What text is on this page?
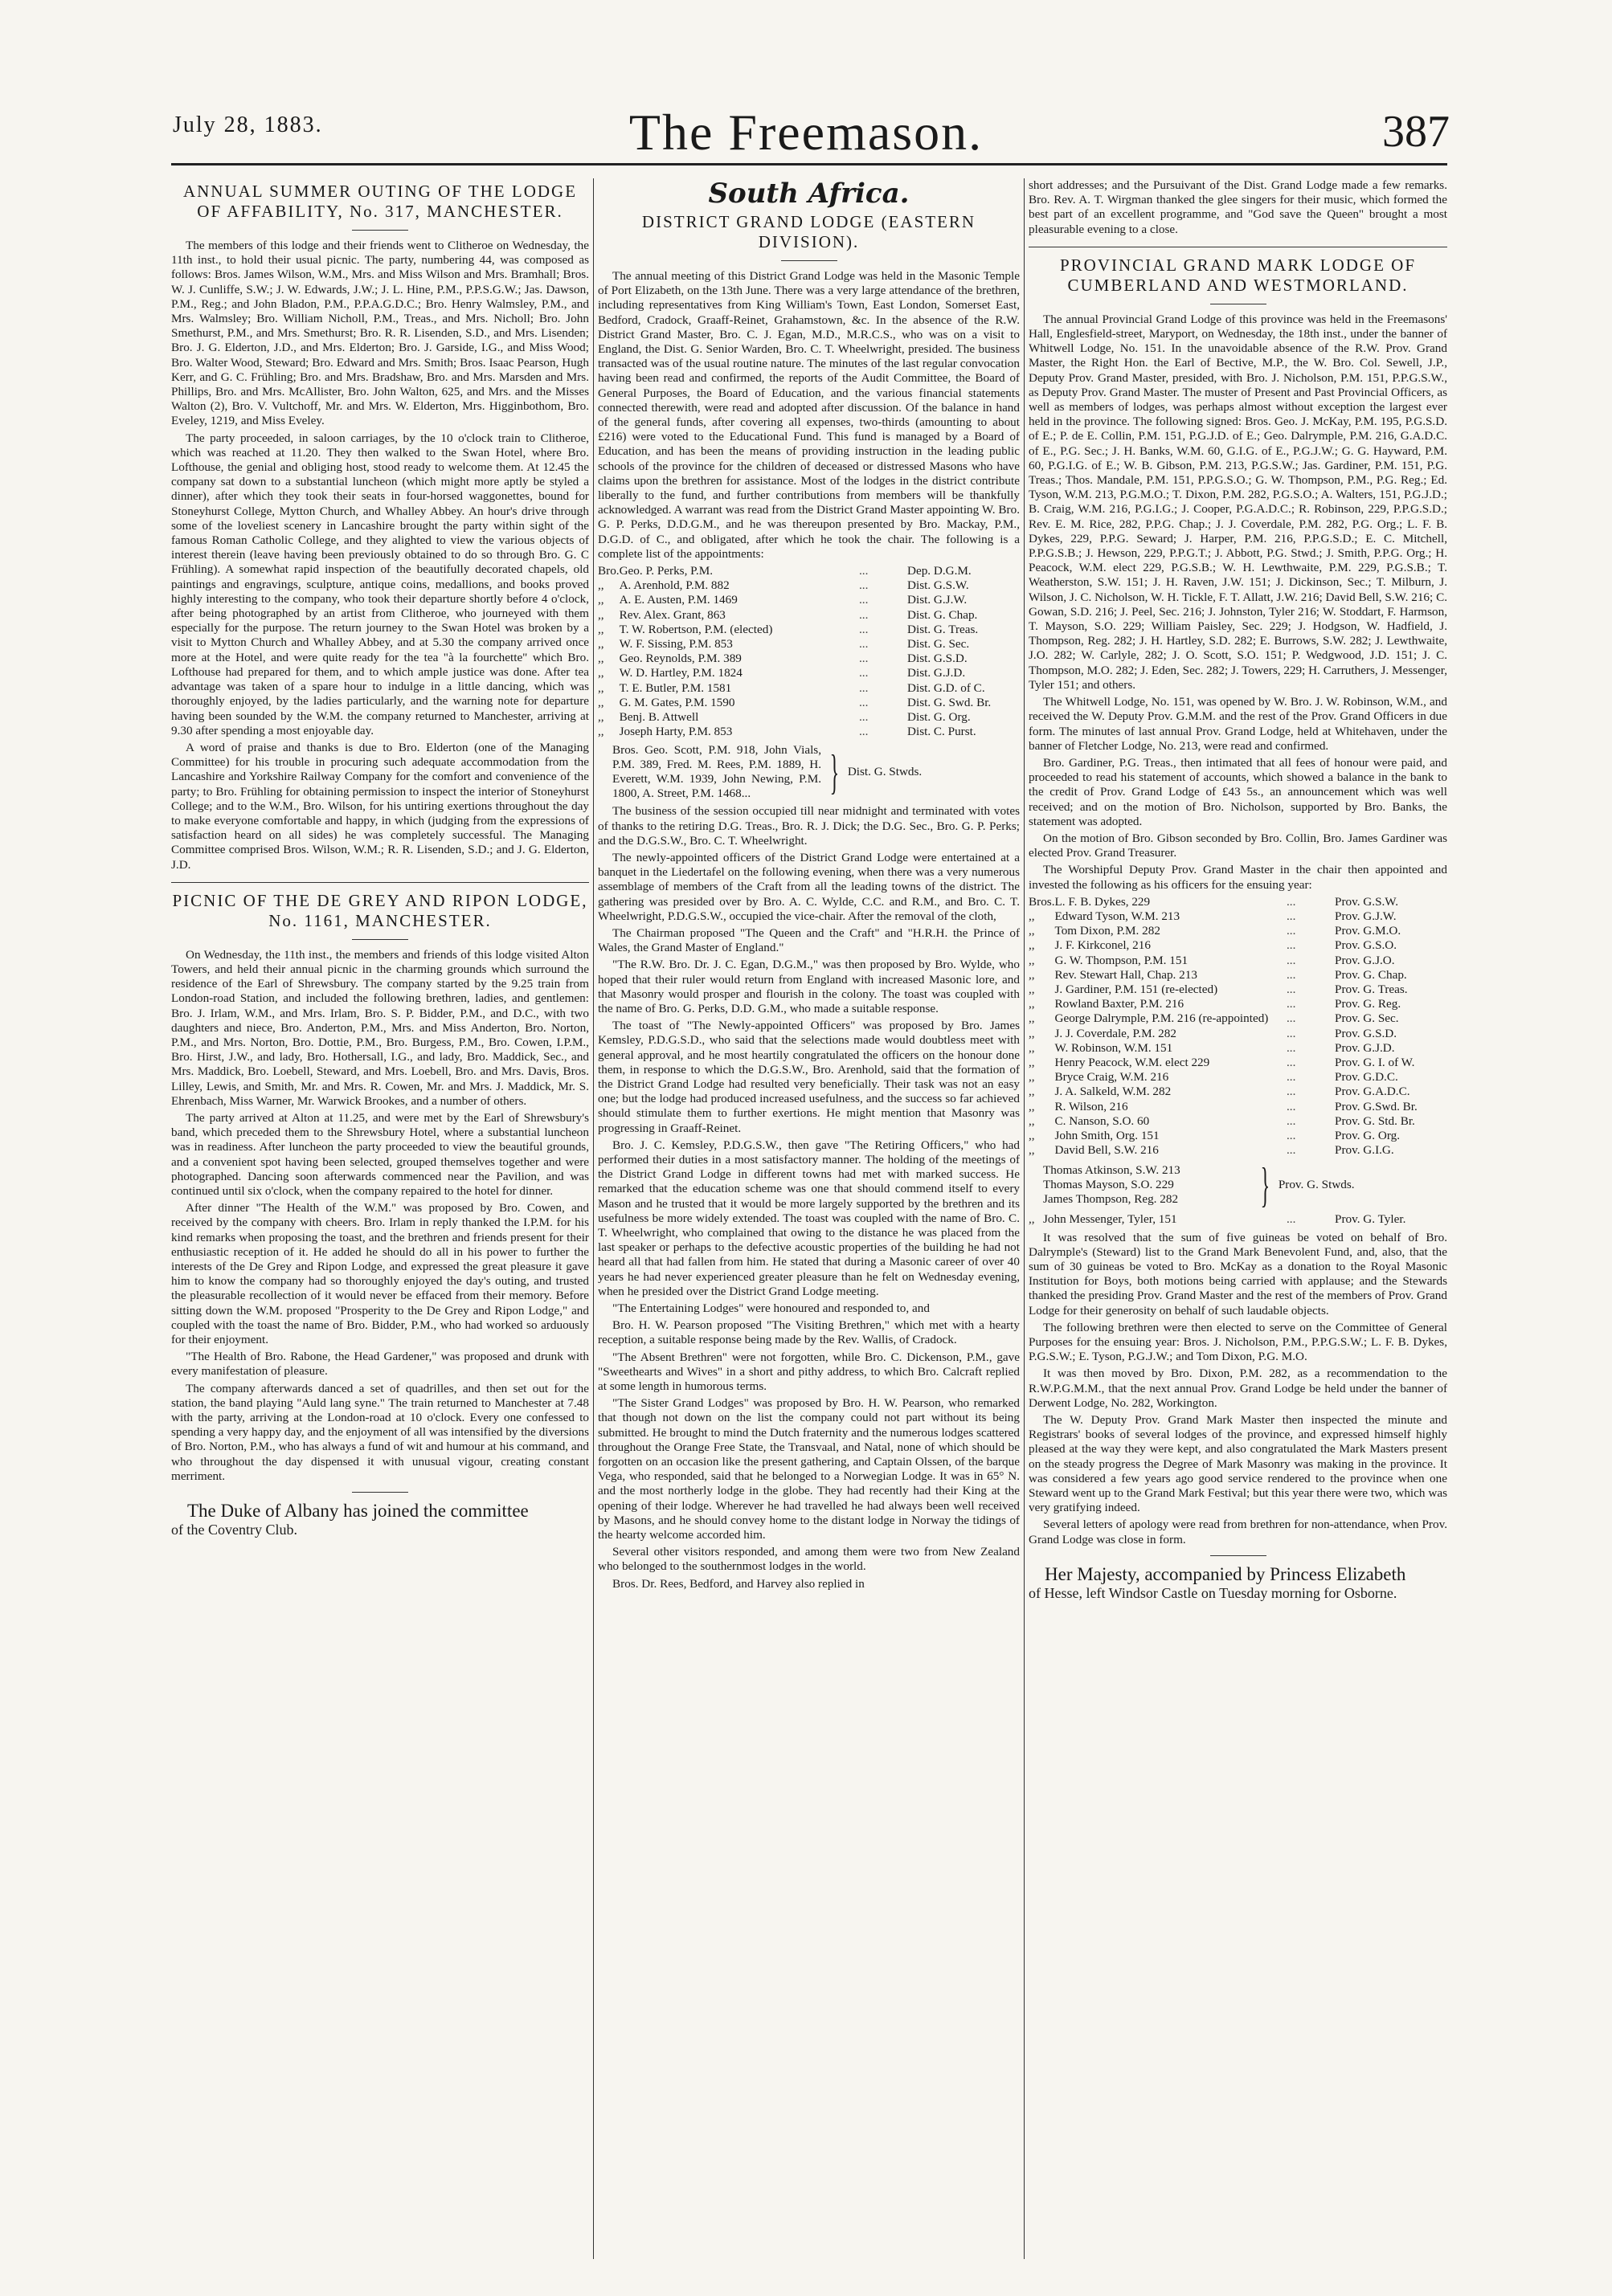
July 28, 1883.	The Freemason.	387
ANNUAL SUMMER OUTING OF THE LODGE OF AFFABILITY, No. 317, MANCHESTER.

The members of this lodge and their friends went to Clitheroe on Wednesday, the 11th inst., to hold their usual picnic. The party, numbering 44, was composed as follows: Bros. James Wilson, W.M., Mrs. and Miss Wilson and Mrs. Bramhall; Bros. W. J. Cunliffe, S.W.; J. W. Edwards, J.W.; J. L. Hine, P.M., P.P.S.G.W.; Jas. Dawson, P.M., Reg.; and John Bladon, P.M., P.P.A.G.D.C.; Bro. Henry Walmsley, P.M., and Mrs. Walmsley; Bro. William Nicholl, P.M., Treas., and Mrs. Nicholl; Bro. John Smethurst, P.M., and Mrs. Smethurst; Bro. R. R. Lisenden, S.D., and Mrs. Lisenden; Bro. J. G. Elderton, J.D., and Mrs. Elderton; Bro. J. Garside, I.G., and Miss Wood; Bro. Walter Wood, Steward; Bro. Edward and Mrs. Smith; Bros. Isaac Pearson, Hugh Kerr, and G. C. Frühling; Bro. and Mrs. Bradshaw, Bro. and Mrs. Marsden and Mrs. Phillips, Bro. and Mrs. McAllister, Bro. John Walton, 625, and Mrs. and the Misses Walton (2), Bro. V. Vultchoff, Mr. and Mrs. W. Elderton, Mrs. Higginbothom, Bro. Eveley, 1219, and Miss Eveley.

The party proceeded, in saloon carriages, by the 10 o'clock train to Clitheroe, which was reached at 11.20. They then walked to the Swan Hotel, where Bro. Lofthouse, the genial and obliging host, stood ready to welcome them. At 12.45 the company sat down to a substantial luncheon (which might more aptly be styled a dinner), after which they took their seats in four-horsed waggonettes, bound for Stoneyhurst College, Mytton Church, and Whalley Abbey. An hour's drive through some of the loveliest scenery in Lancashire brought the party within sight of the famous Roman Catholic College, and they alighted to view the various objects of interest therein (leave having been previously obtained to do so through Bro. G. C Frühling). A somewhat rapid inspection of the beautifully decorated chapels, old paintings and engravings, sculpture, antique coins, medallions, and books proved highly interesting to the company, who took their departure shortly before 4 o'clock, after being photographed by an artist from Clitheroe, who journeyed with them especially for the purpose. The return journey to the Swan Hotel was broken by a visit to Mytton Church and Whalley Abbey, and at 5.30 the company arrived once more at the Hotel, and were quite ready for the tea "à la fourchette" which Bro. Lofthouse had prepared for them, and to which ample justice was done. After tea advantage was taken of a spare hour to indulge in a little dancing, which was thoroughly enjoyed, by the ladies particularly, and the warning note for departure having been sounded by the W.M. the company returned to Manchester, arriving at 9.30 after spending a most enjoyable day.

A word of praise and thanks is due to Bro. Elderton (one of the Managing Committee) for his trouble in procuring such adequate accommodation from the Lancashire and Yorkshire Railway Company for the comfort and convenience of the party; to Bro. Frühling for obtaining permission to inspect the interior of Stoneyhurst College; and to the W.M., Bro. Wilson, for his untiring exertions throughout the day to make everyone comfortable and happy, in which (judging from the expressions of satisfaction heard on all sides) he was completely successful. The Managing Committee comprised Bros. Wilson, W.M.; R. R. Lisenden, S.D.; and J. G. Elderton, J.D.

PICNIC OF THE DE GREY AND RIPON LODGE, No. 1161, MANCHESTER.

On Wednesday, the 11th inst., the members and friends of this lodge visited Alton Towers, and held their annual picnic in the charming grounds which surround the residence of the Earl of Shrewsbury. The company started by the 9.25 train from London-road Station, and included the following brethren, ladies, and gentlemen: Bro. J. Irlam, W.M., and Mrs. Irlam, Bro. S. P. Bidder, P.M., and D.C., with two daughters and niece, Bro. Anderton, P.M., Mrs. and Miss Anderton, Bro. Norton, P.M., and Mrs. Norton, Bro. Dottie, P.M., Bro. Burgess, P.M., Bro. Cowen, I.P.M., Bro. Hirst, J.W., and lady, Bro. Hothersall, I.G., and lady, Bro. Maddick, Sec., and Mrs. Maddick, Bro. Loebell, Steward, and Mrs. Loebell, Bro. and Mrs. Davis, Bros. Lilley, Lewis, and Smith, Mr. and Mrs. R. Cowen, Mr. and Mrs. J. Maddick, Mr. S. Ehrenbach, Miss Warner, Mr. Warwick Brookes, and a number of others.

The party arrived at Alton at 11.25, and were met by the Earl of Shrewsbury's band, which preceded them to the Shrewsbury Hotel, where a substantial luncheon was in readiness. After luncheon the party proceeded to view the beautiful grounds, and a convenient spot having been selected, grouped themselves together and were photographed. Dancing soon afterwards commenced near the Pavilion, and was continued until six o'clock, when the company repaired to the hotel for dinner.

After dinner "The Health of the W.M." was proposed by Bro. Cowen, and received by the company with cheers. Bro. Irlam in reply thanked the I.P.M. for his kind remarks when proposing the toast, and the brethren and friends present for their enthusiastic reception of it. He added he should do all in his power to further the interests of the De Grey and Ripon Lodge, and expressed the great pleasure it gave him to know the company had so thoroughly enjoyed the day's outing, and trusted the pleasurable recollection of it would never be effaced from their memory. Before sitting down the W.M. proposed "Prosperity to the De Grey and Ripon Lodge," and coupled with the toast the name of Bro. Bidder, P.M., who had worked so arduously for their enjoyment.

"The Health of Bro. Rabone, the Head Gardener," was proposed and drunk with every manifestation of pleasure.

The company afterwards danced a set of quadrilles, and then set out for the station, the band playing "Auld lang syne." The train returned to Manchester at 7.48 with the party, arriving at the London-road at 10 o'clock. Every one confessed to spending a very happy day, and the enjoyment of all was intensified by the diversions of Bro. Norton, P.M., who has always a fund of wit and humour at his command, and who throughout the day dispensed it with unusual vigour, creating constant merriment.

The Duke of Albany has joined the committee

of the Coventry Club.

South Africa.
DISTRICT GRAND LODGE (EASTERN DIVISION).

The annual meeting of this District Grand Lodge was held in the Masonic Temple of Port Elizabeth, on the 13th June. There was a very large attendance of the brethren, including representatives from King William's Town, East London, Somerset East, Bedford, Cradock, Graaff-Reinet, Grahamstown, &c. In the absence of the R.W. District Grand Master, Bro. C. J. Egan, M.D., M.R.C.S., who was on a visit to England, the Dist. G. Senior Warden, Bro. C. T. Wheelwright, presided. The business transacted was of the usual routine nature. The minutes of the last regular convocation having been read and confirmed, the reports of the Audit Committee, the Board of General Purposes, the Board of Education, and the various financial statements connected therewith, were read and adopted after discussion. Of the balance in hand of the general funds, after covering all expenses, two-thirds (amounting to about £216) were voted to the Educational Fund. This fund is managed by a Board of Education, and has been the means of providing instruction in the leading public schools of the province for the children of deceased or distressed Masons who have claims upon the brethren for assistance. Most of the lodges in the district contribute liberally to the fund, and further contributions from members will be thankfully acknowledged. A warrant was read from the District Grand Master appointing W. Bro. G. P. Perks, D.D.G.M., and he was thereupon presented by Bro. Mackay, P.M., D.G.D. of C., and obligated, after which he took the chair. The following is a complete list of the appointments:

Bro.	Geo. P. Perks, P.M.	...	Dep. D.G.M.
,,	A. Arenhold, P.M. 882	...	Dist. G.S.W.
,,	A. E. Austen, P.M. 1469	...	Dist. G.J.W.
,,	Rev. Alex. Grant, 863	...	Dist. G. Chap.
,,	T. W. Robertson, P.M. (elected)	...	Dist. G. Treas.
,,	W. F. Sissing, P.M. 853	...	Dist. G. Sec.
,,	Geo. Reynolds, P.M. 389	...	Dist. G.S.D.
,,	W. D. Hartley, P.M. 1824	...	Dist. G.J.D.
,,	T. E. Butler, P.M. 1581	...	Dist. G.D. of C.
,,	G. M. Gates, P.M. 1590	...	Dist. G. Swd. Br.
,,	Benj. B. Attwell	...	Dist. G. Org.
,,	Joseph Harty, P.M. 853	...	Dist. C. Purst.
Bros. Geo. Scott, P.M. 918, John Vials, P.M. 389, Fred. M. Rees, P.M. 1889, H. Everett, W.M. 1939, John Newing, P.M. 1800, A. Street, P.M. 1468...	} Dist. G. Stwds.

The business of the session occupied till near midnight and terminated with votes of thanks to the retiring D.G. Treas., Bro. R. J. Dick; the D.G. Sec., Bro. G. P. Perks; and the D.G.S.W., Bro. C. T. Wheelwright.

The newly-appointed officers of the District Grand Lodge were entertained at a banquet in the Liedertafel on the following evening, when there was a very numerous assemblage of members of the Craft from all the leading towns of the district. The gathering was presided over by Bro. A. C. Wylde, C.C. and R.M., and Bro. C. T. Wheelwright, P.D.G.S.W., occupied the vice-chair. After the removal of the cloth,

The Chairman proposed "The Queen and the Craft" and "H.R.H. the Prince of Wales, the Grand Master of England."

"The R.W. Bro. Dr. J. C. Egan, D.G.M.," was then proposed by Bro. Wylde, who hoped that their ruler would return from England with increased Masonic lore, and that Masonry would prosper and flourish in the colony. The toast was coupled with the name of Bro. G. Perks, D.D. G.M., who made a suitable response.

The toast of "The Newly-appointed Officers" was proposed by Bro. James Kemsley, P.D.G.S.D., who said that the selections made would doubtless meet with general approval, and he most heartily congratulated the officers on the honour done them, in response to which the D.G.S.W., Bro. Arenhold, said that the formation of the District Grand Lodge had resulted very beneficially. Their task was not an easy one; but the lodge had produced increased usefulness, and the success so far achieved should stimulate them to further exertions. He might mention that Masonry was progressing in Graaff-Reinet.

Bro. J. C. Kemsley, P.D.G.S.W., then gave "The Retiring Officers," who had performed their duties in a most satisfactory manner. The holding of the meetings of the District Grand Lodge in different towns had met with marked success. He remarked that the education scheme was one that should commend itself to every Mason and he trusted that it would be more largely supported by the brethren and its usefulness be more widely extended. The toast was coupled with the name of Bro. C. T. Wheelwright, who complained that owing to the distance he was placed from the last speaker or perhaps to the defective acoustic properties of the building he had not heard all that had fallen from him. He stated that during a Masonic career of over 40 years he had never experienced greater pleasure than he felt on Wednesday evening, when he presided over the District Grand Lodge meeting.

"The Entertaining Lodges" were honoured and responded to, and

Bro. H. W. Pearson proposed "The Visiting Brethren," which met with a hearty reception, a suitable response being made by the Rev. Wallis, of Cradock.

"The Absent Brethren" were not forgotten, while Bro. C. Dickenson, P.M., gave "Sweethearts and Wives" in a short and pithy address, to which Bro. Calcraft replied at some length in humorous terms.

"The Sister Grand Lodges" was proposed by Bro. H. W. Pearson, who remarked that though not down on the list the company could not part without its being submitted. He brought to mind the Dutch fraternity and the numerous lodges scattered throughout the Orange Free State, the Transvaal, and Natal, none of which should be forgotten on an occasion like the present gathering, and Captain Olssen, of the barque Vega, who responded, said that he belonged to a Norwegian Lodge. It was in 65° N. and the most northerly lodge in the globe. They had recently had their King at the opening of their lodge. Wherever he had travelled he had always been well received by Masons, and he should convey home to the distant lodge in Norway the tidings of the hearty welcome accorded him.

Several other visitors responded, and among them were two from New Zealand who belonged to the southernmost lodges in the world.

Bros. Dr. Rees, Bedford, and Harvey also replied in

short addresses; and the Pursuivant of the Dist. Grand Lodge made a few remarks. Bro. Rev. A. T. Wirgman thanked the glee singers for their music, which formed the best part of an excellent programme, and "God save the Queen" brought a most pleasurable evening to a close.

PROVINCIAL GRAND MARK LODGE OF CUMBERLAND AND WESTMORLAND.

The annual Provincial Grand Lodge of this province was held in the Freemasons' Hall, Englesfield-street, Maryport, on Wednesday, the 18th inst., under the banner of Whitwell Lodge, No. 151. In the unavoidable absence of the R.W. Prov. Grand Master, the Right Hon. the Earl of Bective, M.P., the W. Bro. Col. Sewell, J.P., Deputy Prov. Grand Master, presided, with Bro. J. Nicholson, P.M. 151, P.P.G.S.W., as Deputy Prov. Grand Master. The muster of Present and Past Provincial Officers, as well as members of lodges, was perhaps almost without exception the largest ever held in the province. The following signed: Bros. Geo. J. McKay, P.M. 195, P.G.S.D. of E.; P. de E. Collin, P.M. 151, P.G.J.D. of E.; Geo. Dalrymple, P.M. 216, G.A.D.C. of E., P.G. Sec.; J. H. Banks, W.M. 60, G.I.G. of E., P.G.J.W.; G. G. Hayward, P.M. 60, P.G.I.G. of E.; W. B. Gibson, P.M. 213, P.G.S.W.; Jas. Gardiner, P.M. 151, P.G. Treas.; Thos. Mandale, P.M. 151, P.P.G.S.O.; G. W. Thompson, P.M., P.G. Reg.; Ed. Tyson, W.M. 213, P.G.M.O.; T. Dixon, P.M. 282, P.G.S.O.; A. Walters, 151, P.G.J.D.; B. Craig, W.M. 216, P.G.I.G.; J. Cooper, P.G.A.D.C.; R. Robinson, 229, P.P.G.S.D.; Rev. E. M. Rice, 282, P.P.G. Chap.; J. J. Coverdale, P.M. 282, P.G. Org.; L. F. B. Dykes, 229, P.P.G. Seward; J. Harper, P.M. 216, P.P.G.S.D.; E. C. Mitchell, P.P.G.S.B.; J. Hewson, 229, P.P.G.T.; J. Abbott, P.G. Stwd.; J. Smith, P.P.G. Org.; H. Peacock, W.M. elect 229, P.G.S.B.; W. H. Lewthwaite, P.M. 229, P.G.S.B.; T. Weatherston, S.W. 151; J. H. Raven, J.W. 151; J. Dickinson, Sec.; T. Milburn, J. Wilson, J. C. Nicholson, W. H. Tickle, F. T. Allatt, J.W. 216; David Bell, S.W. 216; C. Gowan, S.D. 216; J. Peel, Sec. 216; J. Johnston, Tyler 216; W. Stoddart, F. Harmson, T. Mayson, S.O. 229; William Paisley, Sec. 229; J. Hodgson, W. Hadfield, J. Thompson, Reg. 282; J. H. Hartley, S.D. 282; E. Burrows, S.W. 282; J. Lewthwaite, J.O. 282; W. Carlyle, 282; J. O. Scott, S.O. 151; P. Wedgwood, J.D. 151; J. C. Thompson, M.O. 282; J. Eden, Sec. 282; J. Towers, 229; H. Carruthers, J. Messenger, Tyler 151; and others.

The Whitwell Lodge, No. 151, was opened by W. Bro. J. W. Robinson, W.M., and received the W. Deputy Prov. G.M.M. and the rest of the Prov. Grand Officers in due form. The minutes of last annual Prov. Grand Lodge, held at Whitehaven, under the banner of Fletcher Lodge, No. 213, were read and confirmed.

Bro. Gardiner, P.G. Treas., then intimated that all fees of honour were paid, and proceeded to read his statement of accounts, which showed a balance in the bank to the credit of Prov. Grand Lodge of £43 5s., an announcement which was well received; and on the motion of Bro. Nicholson, supported by Bro. Banks, the statement was adopted.

On the motion of Bro. Gibson seconded by Bro. Collin, Bro. James Gardiner was elected Prov. Grand Treasurer.

The Worshipful Deputy Prov. Grand Master in the chair then appointed and invested the following as his officers for the ensuing year:

Bros.	L. F. B. Dykes, 229	...	Prov. G.S.W.
,,	Edward Tyson, W.M. 213	...	Prov. G.J.W.
,,	Tom Dixon, P.M. 282	...	Prov. G.M.O.
,,	J. F. Kirkconel, 216	...	Prov. G.S.O.
,,	G. W. Thompson, P.M. 151	...	Prov. G.J.O.
,,	Rev. Stewart Hall, Chap. 213	...	Prov. G. Chap.
,,	J. Gardiner, P.M. 151 (re-elected)	...	Prov. G. Treas.
,,	Rowland Baxter, P.M. 216	...	Prov. G. Reg.
,,	George Dalrymple, P.M. 216 (re-appointed)	...	Prov. G. Sec.
,,	J. J. Coverdale, P.M. 282	...	Prov. G.S.D.
,,	W. Robinson, W.M. 151	...	Prov. G.J.D.
,,	Henry Peacock, W.M. elect 229	...	Prov. G. I. of W.
,,	Bryce Craig, W.M. 216	...	Prov. G.D.C.
,,	J. A. Salkeld, W.M. 282	...	Prov. G.A.D.C.
,,	R. Wilson, 216	...	Prov. G.Swd. Br.
,,	C. Nanson, S.O. 60	...	Prov. G. Std. Br.
,,	John Smith, Org. 151	...	Prov. G. Org.
,,	David Bell, S.W. 216	...	Prov. G.I.G.
Thomas Atkinson, S.W. 213
Thomas Mayson, S.O. 229
James Thompson, Reg. 282	} Prov. G. Stwds.
,,	John Messenger, Tyler, 151	...	Prov. G. Tyler.

It was resolved that the sum of five guineas be voted on behalf of Bro. Dalrymple's (Steward) list to the Grand Mark Benevolent Fund, and, also, that the sum of 30 guineas be voted to Bro. McKay as a donation to the Royal Masonic Institution for Boys, both motions being carried with applause; and the Stewards thanked the presiding Prov. Grand Master and the rest of the members of Prov. Grand Lodge for their generosity on behalf of such laudable objects.

The following brethren were then elected to serve on the Committee of General Purposes for the ensuing year: Bros. J. Nicholson, P.M., P.P.G.S.W.; L. F. B. Dykes, P.G.S.W.; E. Tyson, P.G.J.W.; and Tom Dixon, P.G. M.O.

It was then moved by Bro. Dixon, P.M. 282, as a recommendation to the R.W.P.G.M.M., that the next annual Prov. Grand Lodge be held under the banner of Derwent Lodge, No. 282, Workington.

The W. Deputy Prov. Grand Mark Master then inspected the minute and Registrars' books of several lodges of the province, and expressed himself highly pleased at the way they were kept, and also congratulated the Mark Masters present on the steady progress the Degree of Mark Masonry was making in the province. It was considered a few years ago good service rendered to the province when one Steward went up to the Grand Mark Festival; but this year there were two, which was very gratifying indeed.

Several letters of apology were read from brethren for non-attendance, when Prov. Grand Lodge was close in form.

Her Majesty, accompanied by Princess Elizabeth

of Hesse, left Windsor Castle on Tuesday morning for Osborne.
